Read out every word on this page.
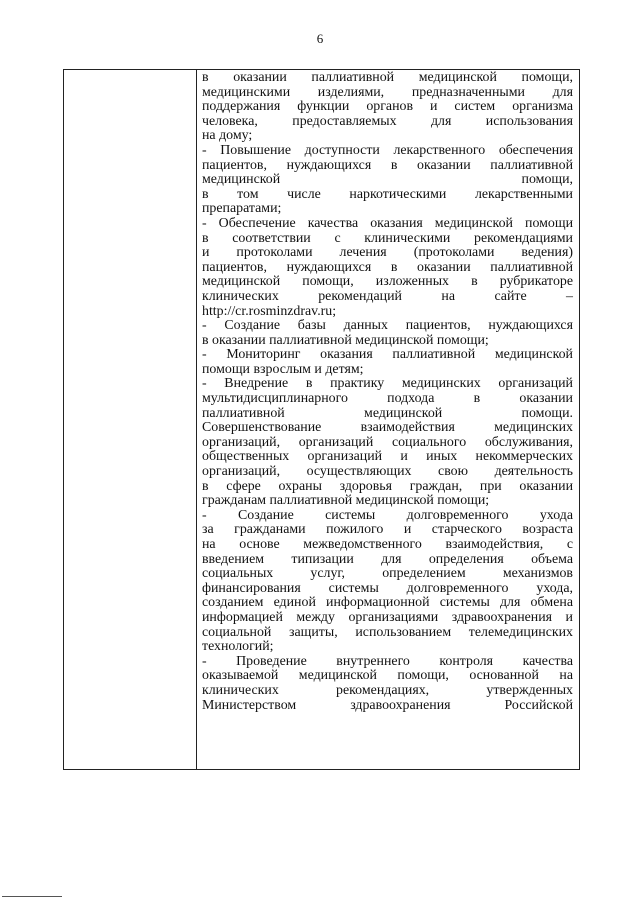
6
в оказании паллиативной медицинской помощи,
медицинскими изделиями, предназначенными для
поддержания функции органов и систем организма
человека, предоставляемых для использования
на дому;
- Повышение доступности лекарственного обеспечения
пациентов, нуждающихся в оказании паллиативной
медицинской помощи,
в том числе наркотическими лекарственными
препаратами;
- Обеспечение качества оказания медицинской помощи
в соответствии с клиническими рекомендациями
и протоколами лечения (протоколами ведения)
пациентов, нуждающихся в оказании паллиативной
медицинской помощи, изложенных в рубрикаторе
клинических рекомендаций на сайте –
http://cr.rosminzdrav.ru;
- Создание базы данных пациентов, нуждающихся
в оказании паллиативной медицинской помощи;
- Мониторинг оказания паллиативной медицинской
помощи взрослым и детям;
- Внедрение в практику медицинских организаций
мультидисциплинарного подхода в оказании
паллиативной медицинской помощи.
Совершенствование взаимодействия медицинских
организаций, организаций социального обслуживания,
общественных организаций и иных некоммерческих
организаций, осуществляющих свою деятельность
в сфере охраны здоровья граждан, при оказании
гражданам паллиативной медицинской помощи;
- Создание системы долговременного ухода
за гражданами пожилого и старческого возраста
на основе межведомственного взаимодействия, с
введением типизации для определения объема
социальных услуг, определением механизмов
финансирования системы долговременного ухода,
созданием единой информационной системы для обмена
информацией между организациями здравоохранения и
социальной защиты, использованием телемедицинских
технологий;
- Проведение внутреннего контроля качества
оказываемой медицинской помощи, основанной на
клинических рекомендациях, утвержденных
Министерством здравоохранения Российской
